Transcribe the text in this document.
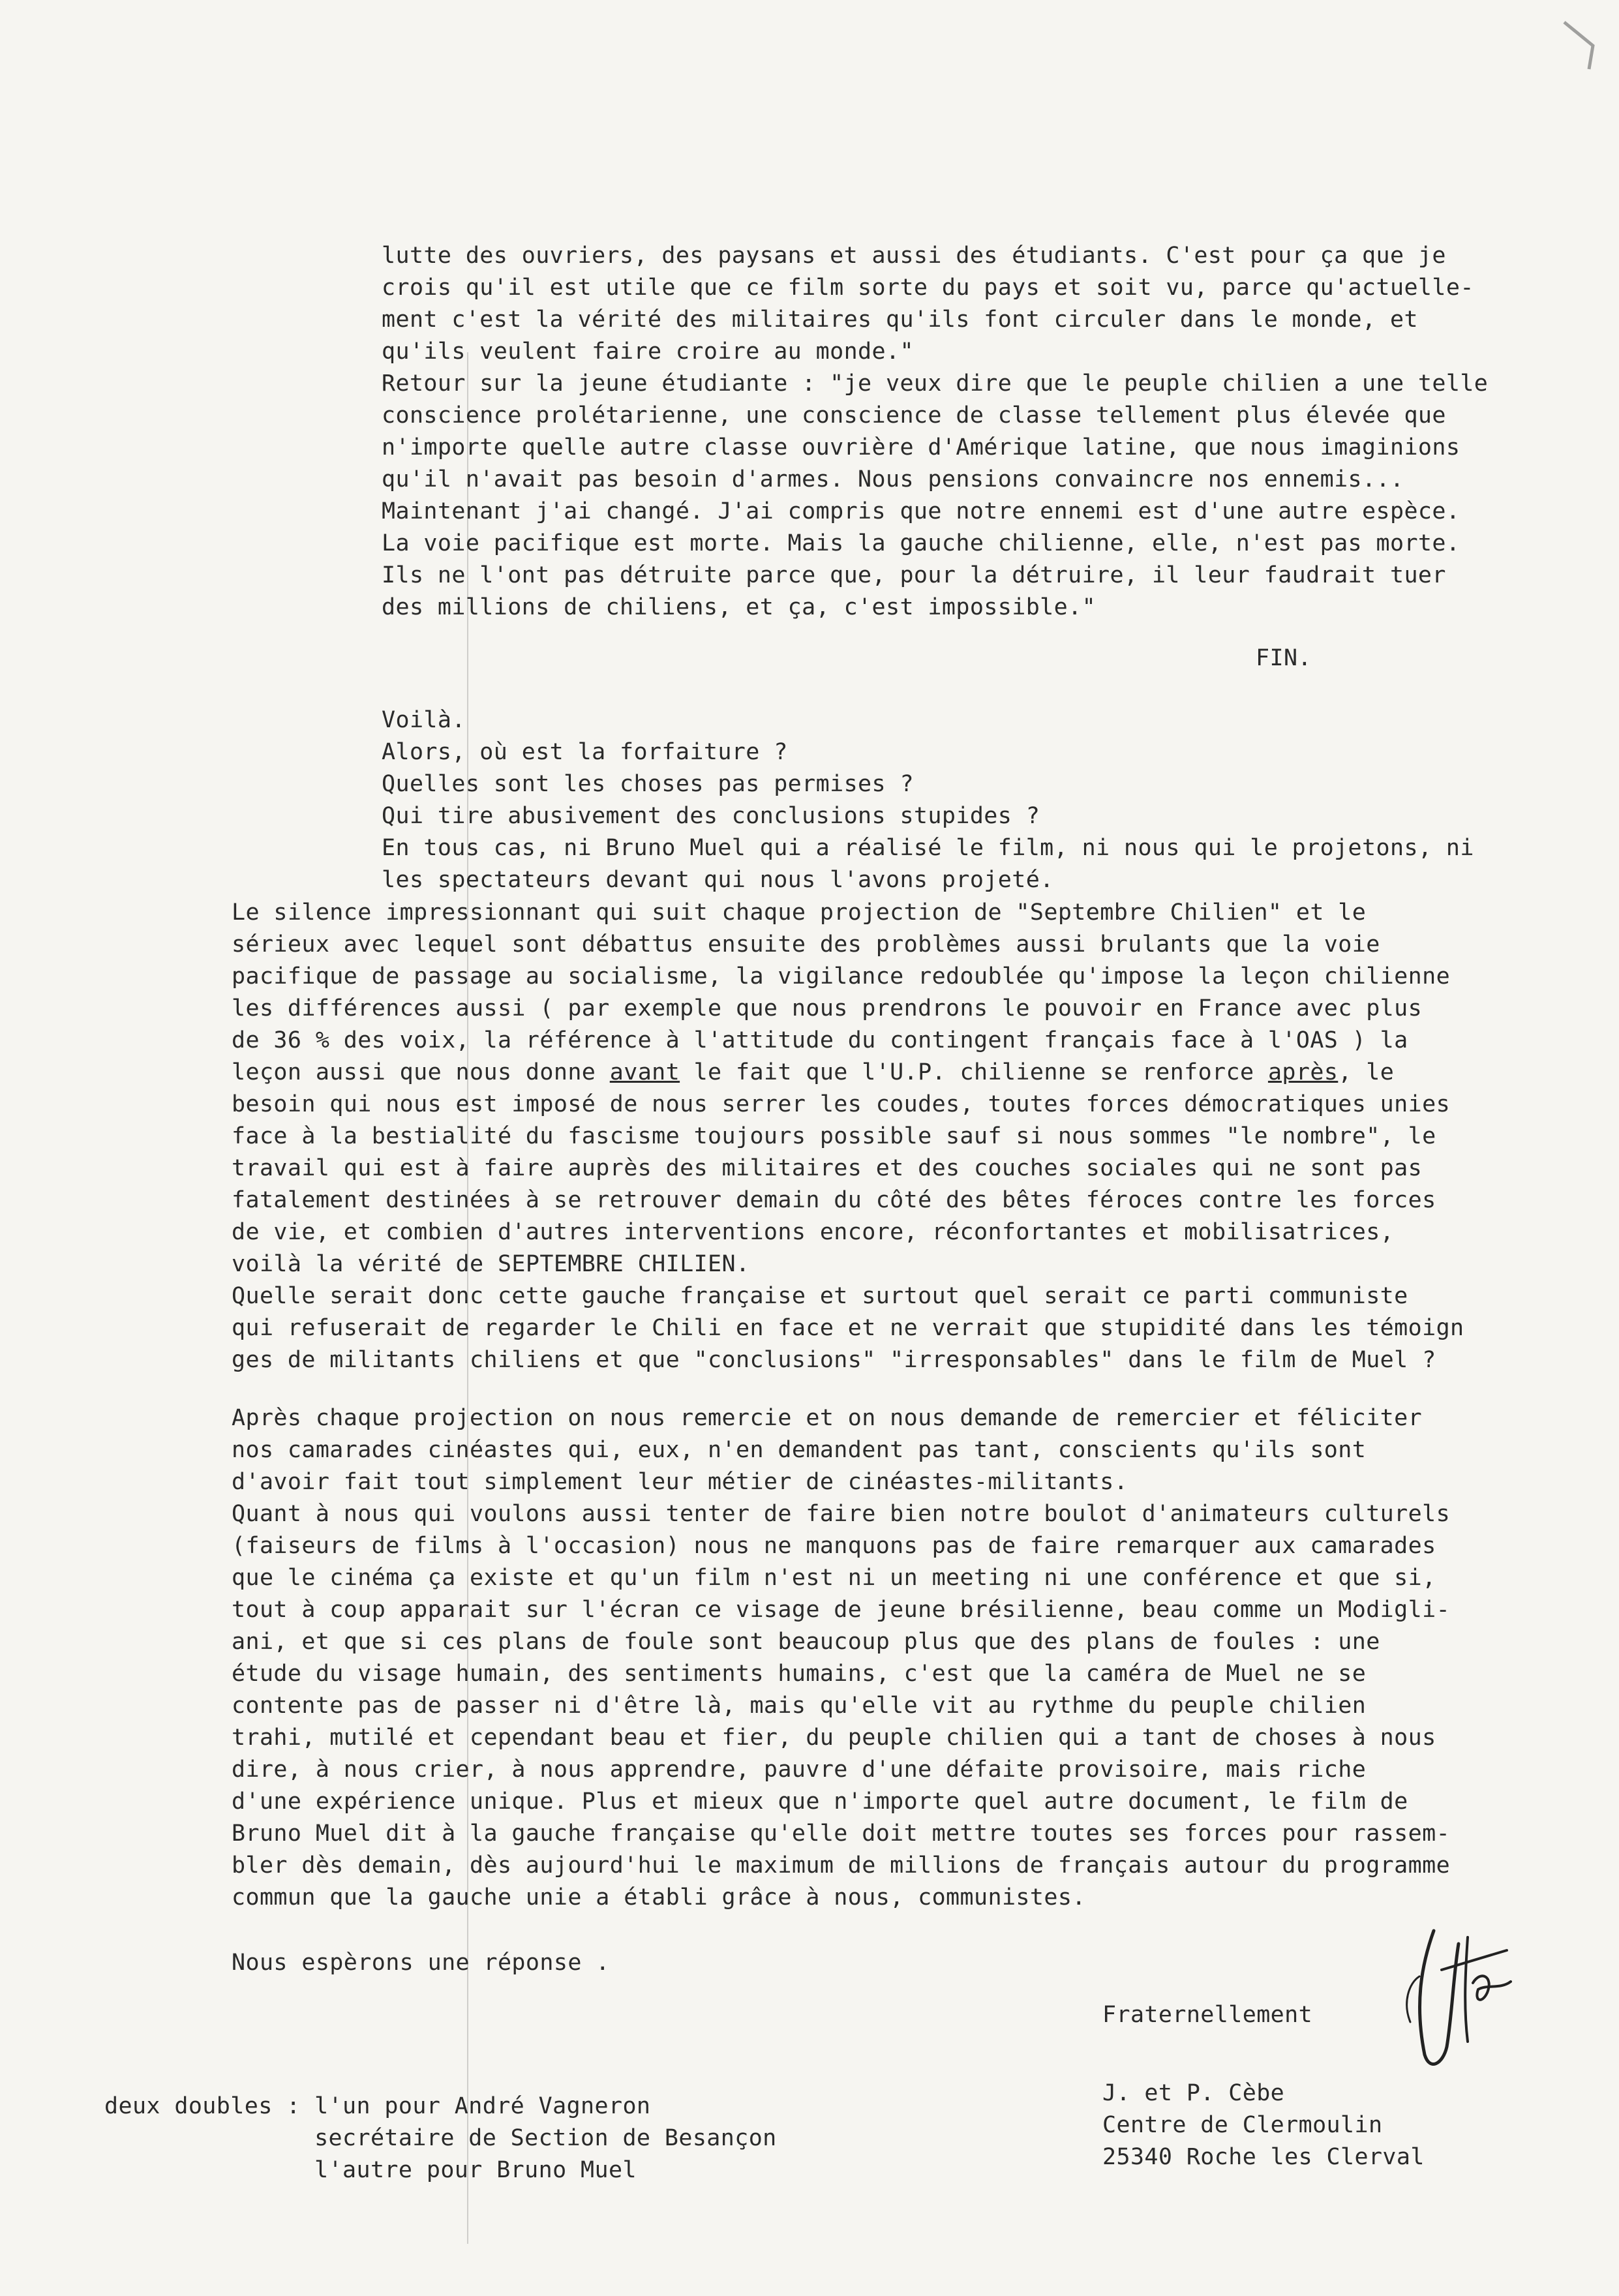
lutte des ouvriers, des paysans et aussi des étudiants. C'est pour ça que je
crois qu'il est utile que ce film sorte du pays et soit vu, parce qu'actuelle-
ment c'est la vérité des militaires qu'ils font circuler dans le monde, et
qu'ils veulent faire croire au monde."
Retour sur la jeune étudiante : "je veux dire que le peuple chilien a une telle
conscience prolétarienne, une conscience de classe tellement plus élevée que
n'importe quelle autre classe ouvrière d'Amérique latine, que nous imaginions
qu'il n'avait pas besoin d'armes. Nous pensions convaincre nos ennemis...
Maintenant j'ai changé. J'ai compris que notre ennemi est d'une autre espèce.
La voie pacifique est morte. Mais la gauche chilienne, elle, n'est pas morte.
Ils ne l'ont pas détruite parce que, pour la détruire, il leur faudrait tuer
des millions de chiliens, et ça, c'est impossible."
FIN.
Voilà.
Alors, où est la forfaiture ?
Quelles sont les choses pas permises ?
Qui tire abusivement des conclusions stupides ?
En tous cas, ni Bruno Muel qui a réalisé le film, ni nous qui le projetons, ni
les spectateurs devant qui nous l'avons projeté.
Le silence impressionnant qui suit chaque projection de "Septembre Chilien" et le
sérieux avec lequel sont débattus ensuite des problèmes aussi brulants que la voie
pacifique de passage au socialisme, la vigilance redoublée qu'impose la leçon chilienne
les différences aussi ( par exemple que nous prendrons le pouvoir en France avec plus
de 36 % des voix, la référence à l'attitude du contingent français face à l'OAS ) la
leçon aussi que nous donne avant le fait que l'U.P. chilienne se renforce après, le
besoin qui nous est imposé de nous serrer les coudes, toutes forces démocratiques unies
face à la bestialité du fascisme toujours possible sauf si nous sommes "le nombre", le
travail qui est à faire auprès des militaires et des couches sociales qui ne sont pas
fatalement destinées à se retrouver demain du côté des bêtes féroces contre les forces
de vie, et combien d'autres interventions encore, réconfortantes et mobilisatrices,
voilà la vérité de SEPTEMBRE CHILIEN.
Quelle serait donc cette gauche française et surtout quel serait ce parti communiste
qui refuserait de regarder le Chili en face et ne verrait que stupidité dans les témoign
ges de militants chiliens et que "conclusions" "irresponsables" dans le film de Muel ?
Après chaque projection on nous remercie et on nous demande de remercier et féliciter
nos camarades cinéastes qui, eux, n'en demandent pas tant, conscients qu'ils sont
d'avoir fait tout simplement leur métier de cinéastes-militants.
Quant à nous qui voulons aussi tenter de faire bien notre boulot d'animateurs culturels
(faiseurs de films à l'occasion) nous ne manquons pas de faire remarquer aux camarades
que le cinéma ça existe et qu'un film n'est ni un meeting ni une conférence et que si,
tout à coup apparait sur l'écran ce visage de jeune brésilienne, beau comme un Modigli-
ani, et que si ces plans de foule sont beaucoup plus que des plans de foules : une
étude du visage humain, des sentiments humains, c'est que la caméra de Muel ne se
contente pas de passer ni d'être là, mais qu'elle vit au rythme du peuple chilien
trahi, mutilé et cependant beau et fier, du peuple chilien qui a tant de choses à nous
dire, à nous crier, à nous apprendre, pauvre d'une défaite provisoire, mais riche
d'une expérience unique. Plus et mieux que n'importe quel autre document, le film de
Bruno Muel dit à la gauche française qu'elle doit mettre toutes ses forces pour rassem-
bler dès demain, dès aujourd'hui le maximum de millions de français autour du programme
commun que la gauche unie a établi grâce à nous, communistes.
Nous espèrons une réponse .
Fraternellement
J. et P. Cèbe
Centre de Clermoulin
25340 Roche les Clerval
deux doubles : l'un pour André Vagneron
secrétaire de Section de Besançon
l'autre pour Bruno Muel
